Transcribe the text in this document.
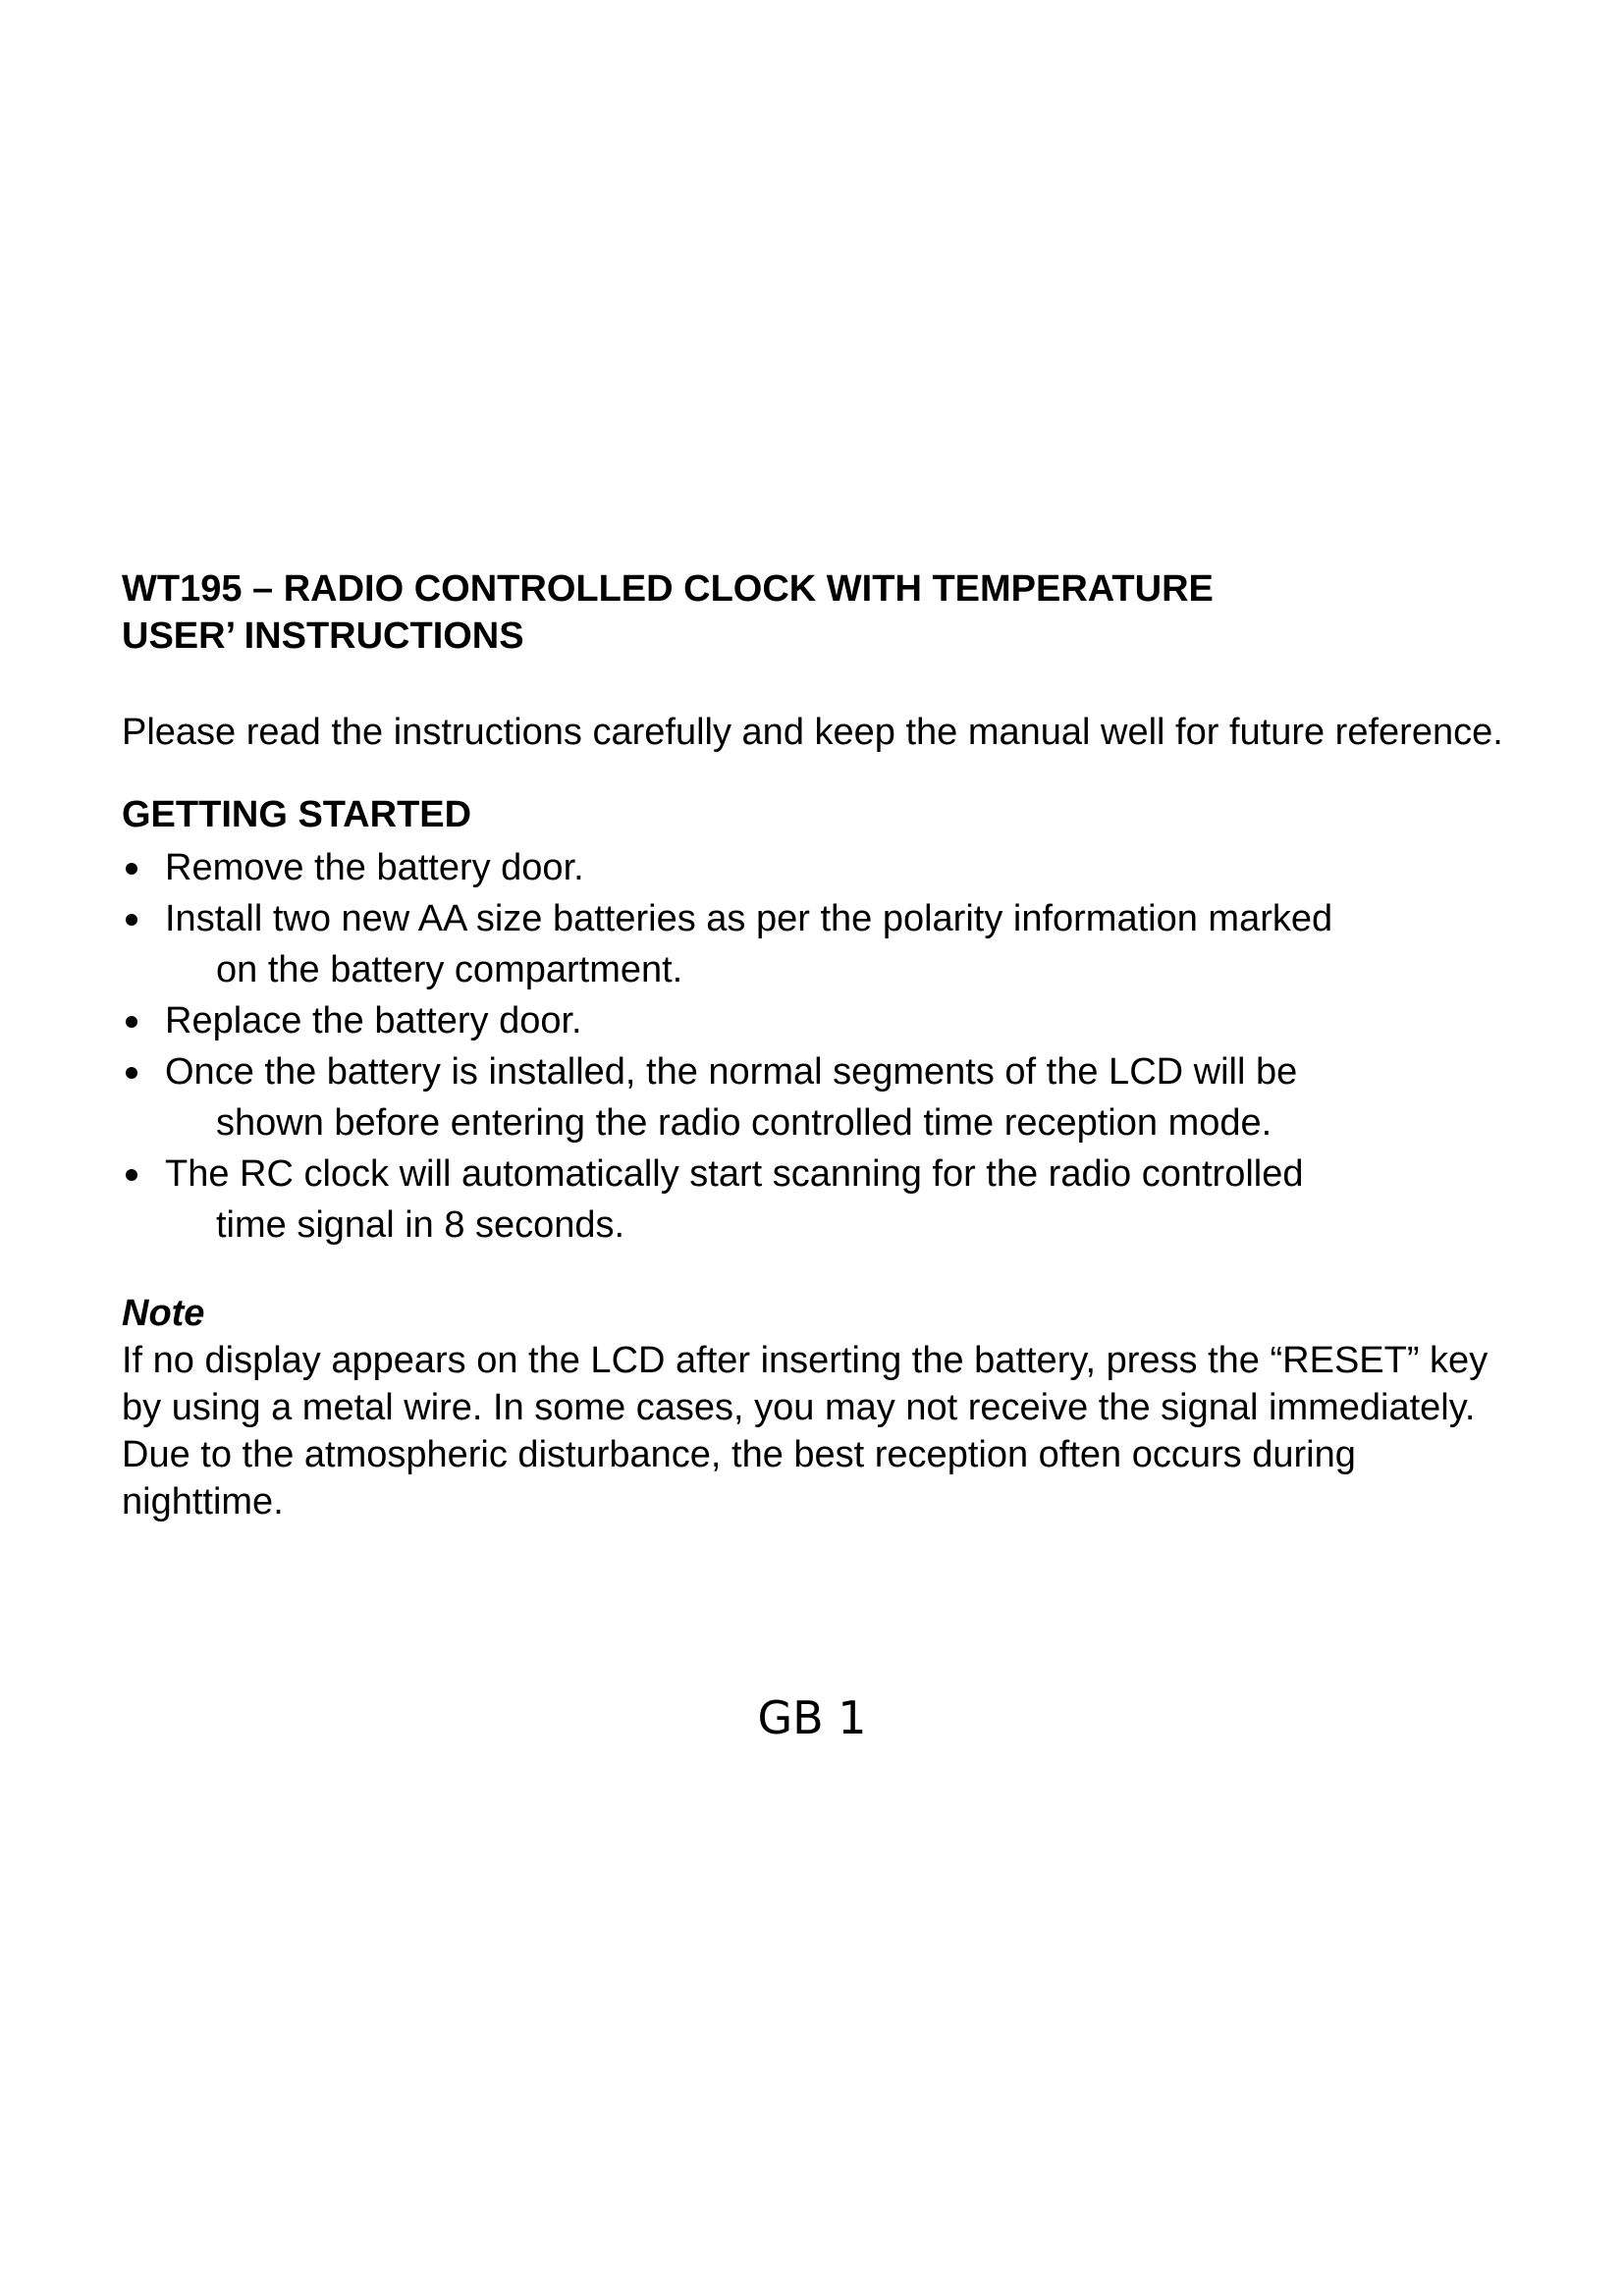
WT195 – RADIO CONTROLLED CLOCK WITH TEMPERATURE
USER’ INSTRUCTIONS

Please read the instructions carefully and keep the manual well for future reference.

GETTING STARTED
Remove the battery door.
Install two new AA size batteries as per the polarity information marked
on the battery compartment.
Replace the battery door.
Once the battery is installed, the normal segments of the LCD will be
shown before entering the radio controlled time reception mode.
The RC clock will automatically start scanning for the radio controlled
time signal in 8 seconds.
Note

If no display appears on the LCD after inserting the battery, press the “RESET” key by using a metal wire. In some cases, you may not receive the signal immediately. Due to the atmospheric disturbance, the best reception often occurs during nighttime.

GB 1
